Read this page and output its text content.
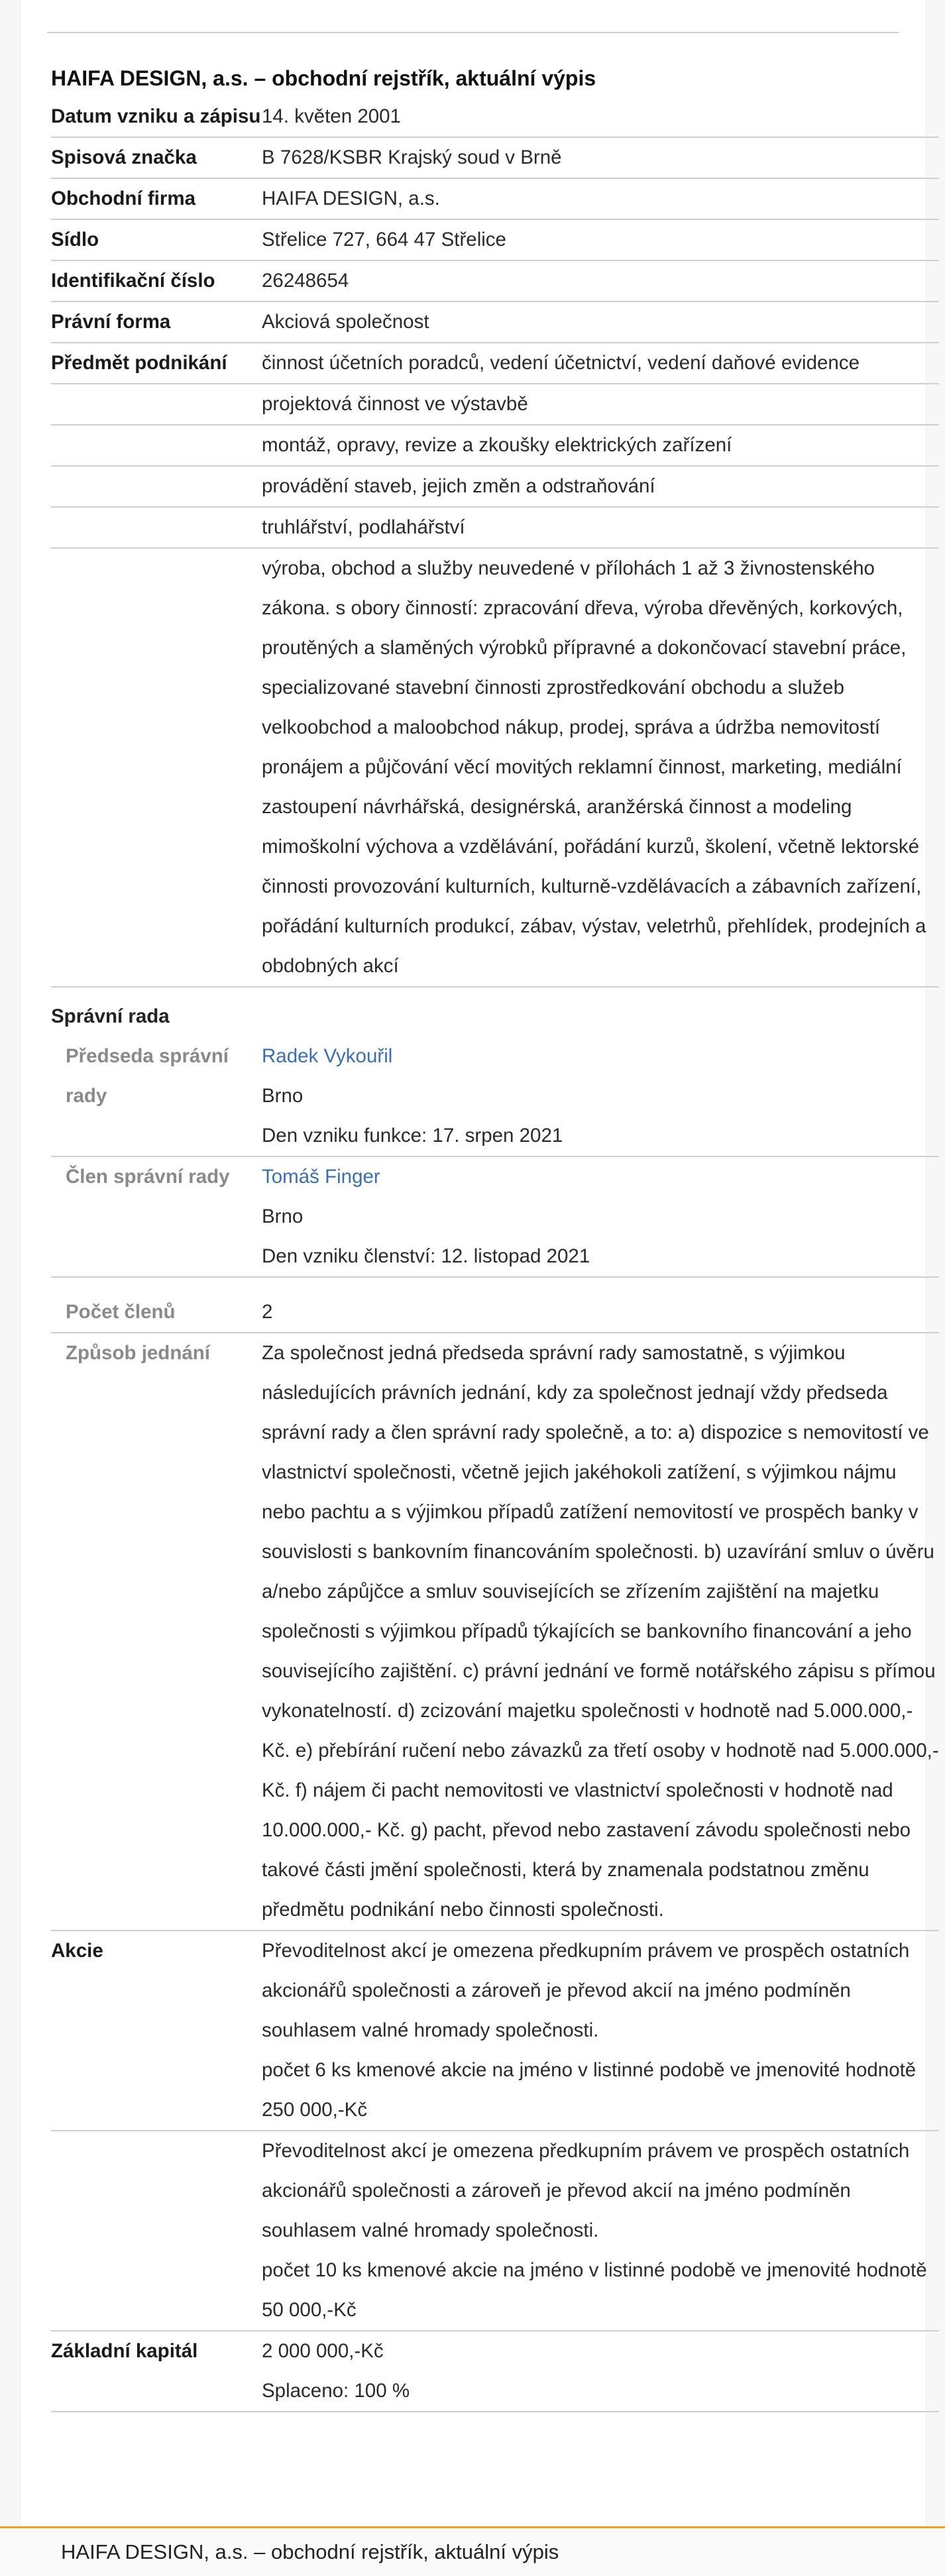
HAIFA DESIGN, a.s. – obchodní rejstřík, aktuální výpis
Datum vzniku a zápisu	14. květen 2001
Spisová značka	B 7628/KSBR Krajský soud v Brně
Obchodní firma	HAIFA DESIGN, a.s.
Sídlo	Střelice 727, 664 47 Střelice
Identifikační číslo	26248654
Právní forma	Akciová společnost
Předmět podnikání	činnost účetních poradců, vedení účetnictví, vedení daňové evidence
	projektová činnost ve výstavbě
	montáž, opravy, revize a zkoušky elektrických zařízení
	provádění staveb, jejich změn a odstraňování
	truhlářství, podlahářství
	výroba, obchod a služby neuvedené v přílohách 1 až 3 živnostenského zákona. s obory činností: zpracování dřeva, výroba dřevěných, korkových, proutěných a slaměných výrobků přípravné a dokončovací stavební práce, specializované stavební činnosti zprostředkování obchodu a služeb velkoobchod a maloobchod nákup, prodej, správa a údržba nemovitostí pronájem a půjčování věcí movitých reklamní činnost, marketing, mediální zastoupení návrhářská, designérská, aranžérská činnost a modeling mimoškolní výchova a vzdělávání, pořádání kurzů, školení, včetně lektorské činnosti provozování kulturních, kulturně-vzdělávacích a zábavních zařízení, pořádání kulturních produkcí, zábav, výstav, veletrhů, přehlídek, prodejních a obdobných akcí
Správní rada	
Předseda správní rady	Radek Vykouřil
Brno
Den vzniku funkce: 17. srpen 2021

Člen správní rady	Tomáš Finger
Brno
Den vzniku členství: 12. listopad 2021

Počet členů	2
Způsob jednání	Za společnost jedná předseda správní rady samostatně, s výjimkou následujících právních jednání, kdy za společnost jednají vždy předseda správní rady a člen správní rady společně, a to: a) dispozice s nemovitostí ve vlastnictví společnosti, včetně jejich jakéhokoli zatížení, s výjimkou nájmu nebo pachtu a s výjimkou případů zatížení nemovitostí ve prospěch banky v souvislosti s bankovním financováním společnosti. b) uzavírání smluv o úvěru a/nebo zápůjčce a smluv souvisejících se zřízením zajištění na majetku společnosti s výjimkou případů týkajících se bankovního financování a jeho souvisejícího zajištění. c) právní jednání ve formě notářského zápisu s přímou vykonatelností. d) zcizování majetku společnosti v hodnotě nad 5.000.000,- Kč. e) přebírání ručení nebo závazků za třetí osoby v hodnotě nad 5.000.000,- Kč. f) nájem či pacht nemovitosti ve vlastnictví společnosti v hodnotě nad 10.000.000,- Kč. g) pacht, převod nebo zastavení závodu společnosti nebo takové části jmění společnosti, která by znamenala podstatnou změnu předmětu podnikání nebo činnosti společnosti.
Akcie	Převoditelnost akcí je omezena předkupním právem ve prospěch ostatních akcionářů společnosti a zároveň je převod akcií na jméno podmíněn souhlasem valné hromady společnosti.
počet 6 ks kmenové akcie na jméno v listinné podobě ve jmenovité hodnotě 250 000,-Kč

	Převoditelnost akcí je omezena předkupním právem ve prospěch ostatních akcionářů společnosti a zároveň je převod akcií na jméno podmíněn souhlasem valné hromady společnosti.
počet 10 ks kmenové akcie na jméno v listinné podobě ve jmenovité hodnotě 50 000,-Kč

Základní kapitál	2 000 000,-Kč
Splaceno: 100 %
HAIFA DESIGN, a.s. – obchodní rejstřík, aktuální výpis
